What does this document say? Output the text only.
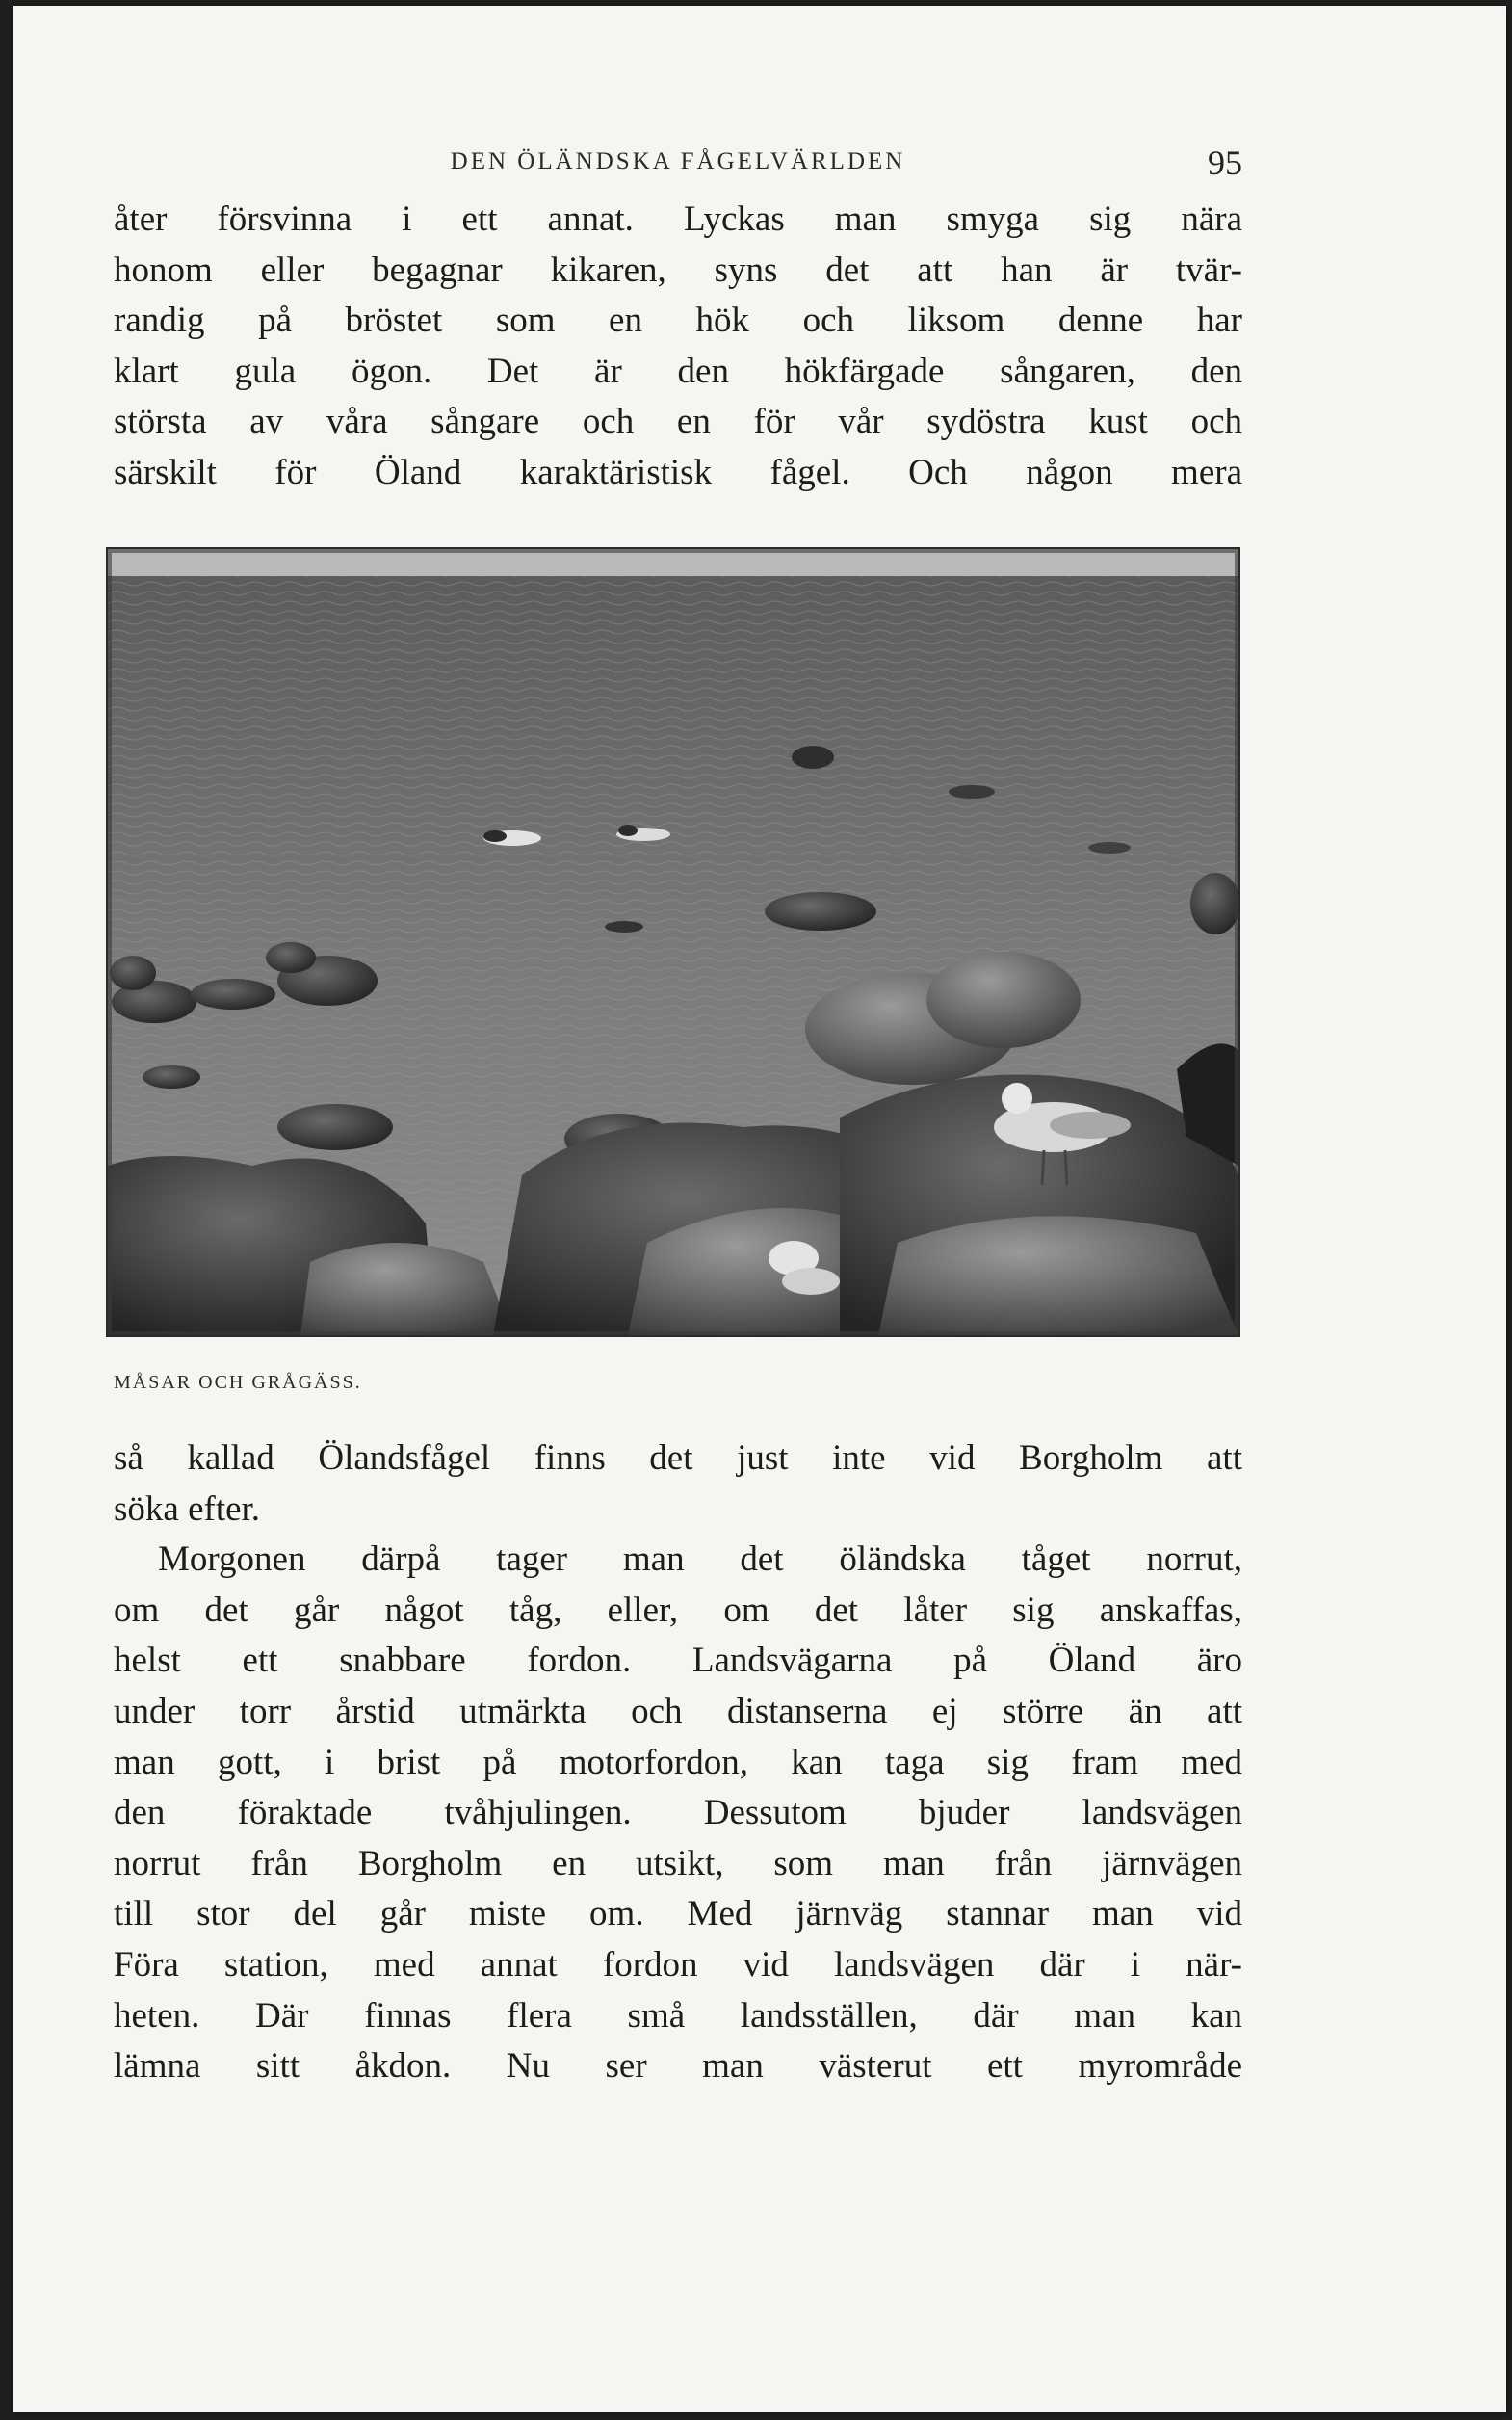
DEN ÖLÄNDSKA FÅGELVÄRLDEN	95
åter försvinna i ett annat. Lyckas man smyga sig nära
honom eller begagnar kikaren, syns det att han är tvär-
randig på bröstet som en hök och liksom denne har
klart gula ögon. Det är den hökfärgade sångaren, den
största av våra sångare och en för vår sydöstra kust och
särskilt för Öland karaktäristisk fågel. Och någon mera
MÅSAR OCH GRÅGÄSS.
så kallad Ölandsfågel finns det just inte vid Borgholm att
söka efter.
Morgonen därpå tager man det öländska tåget norrut,
om det går något tåg, eller, om det låter sig anskaffas,
helst ett snabbare fordon. Landsvägarna på Öland äro
under torr årstid utmärkta och distanserna ej större än att
man gott, i brist på motorfordon, kan taga sig fram med
den föraktade tvåhjulingen. Dessutom bjuder landsvägen
norrut från Borgholm en utsikt, som man från järnvägen
till stor del går miste om. Med järnväg stannar man vid
Föra station, med annat fordon vid landsvägen där i när-
heten. Där finnas flera små landsställen, där man kan
lämna sitt åkdon. Nu ser man västerut ett myrområde
